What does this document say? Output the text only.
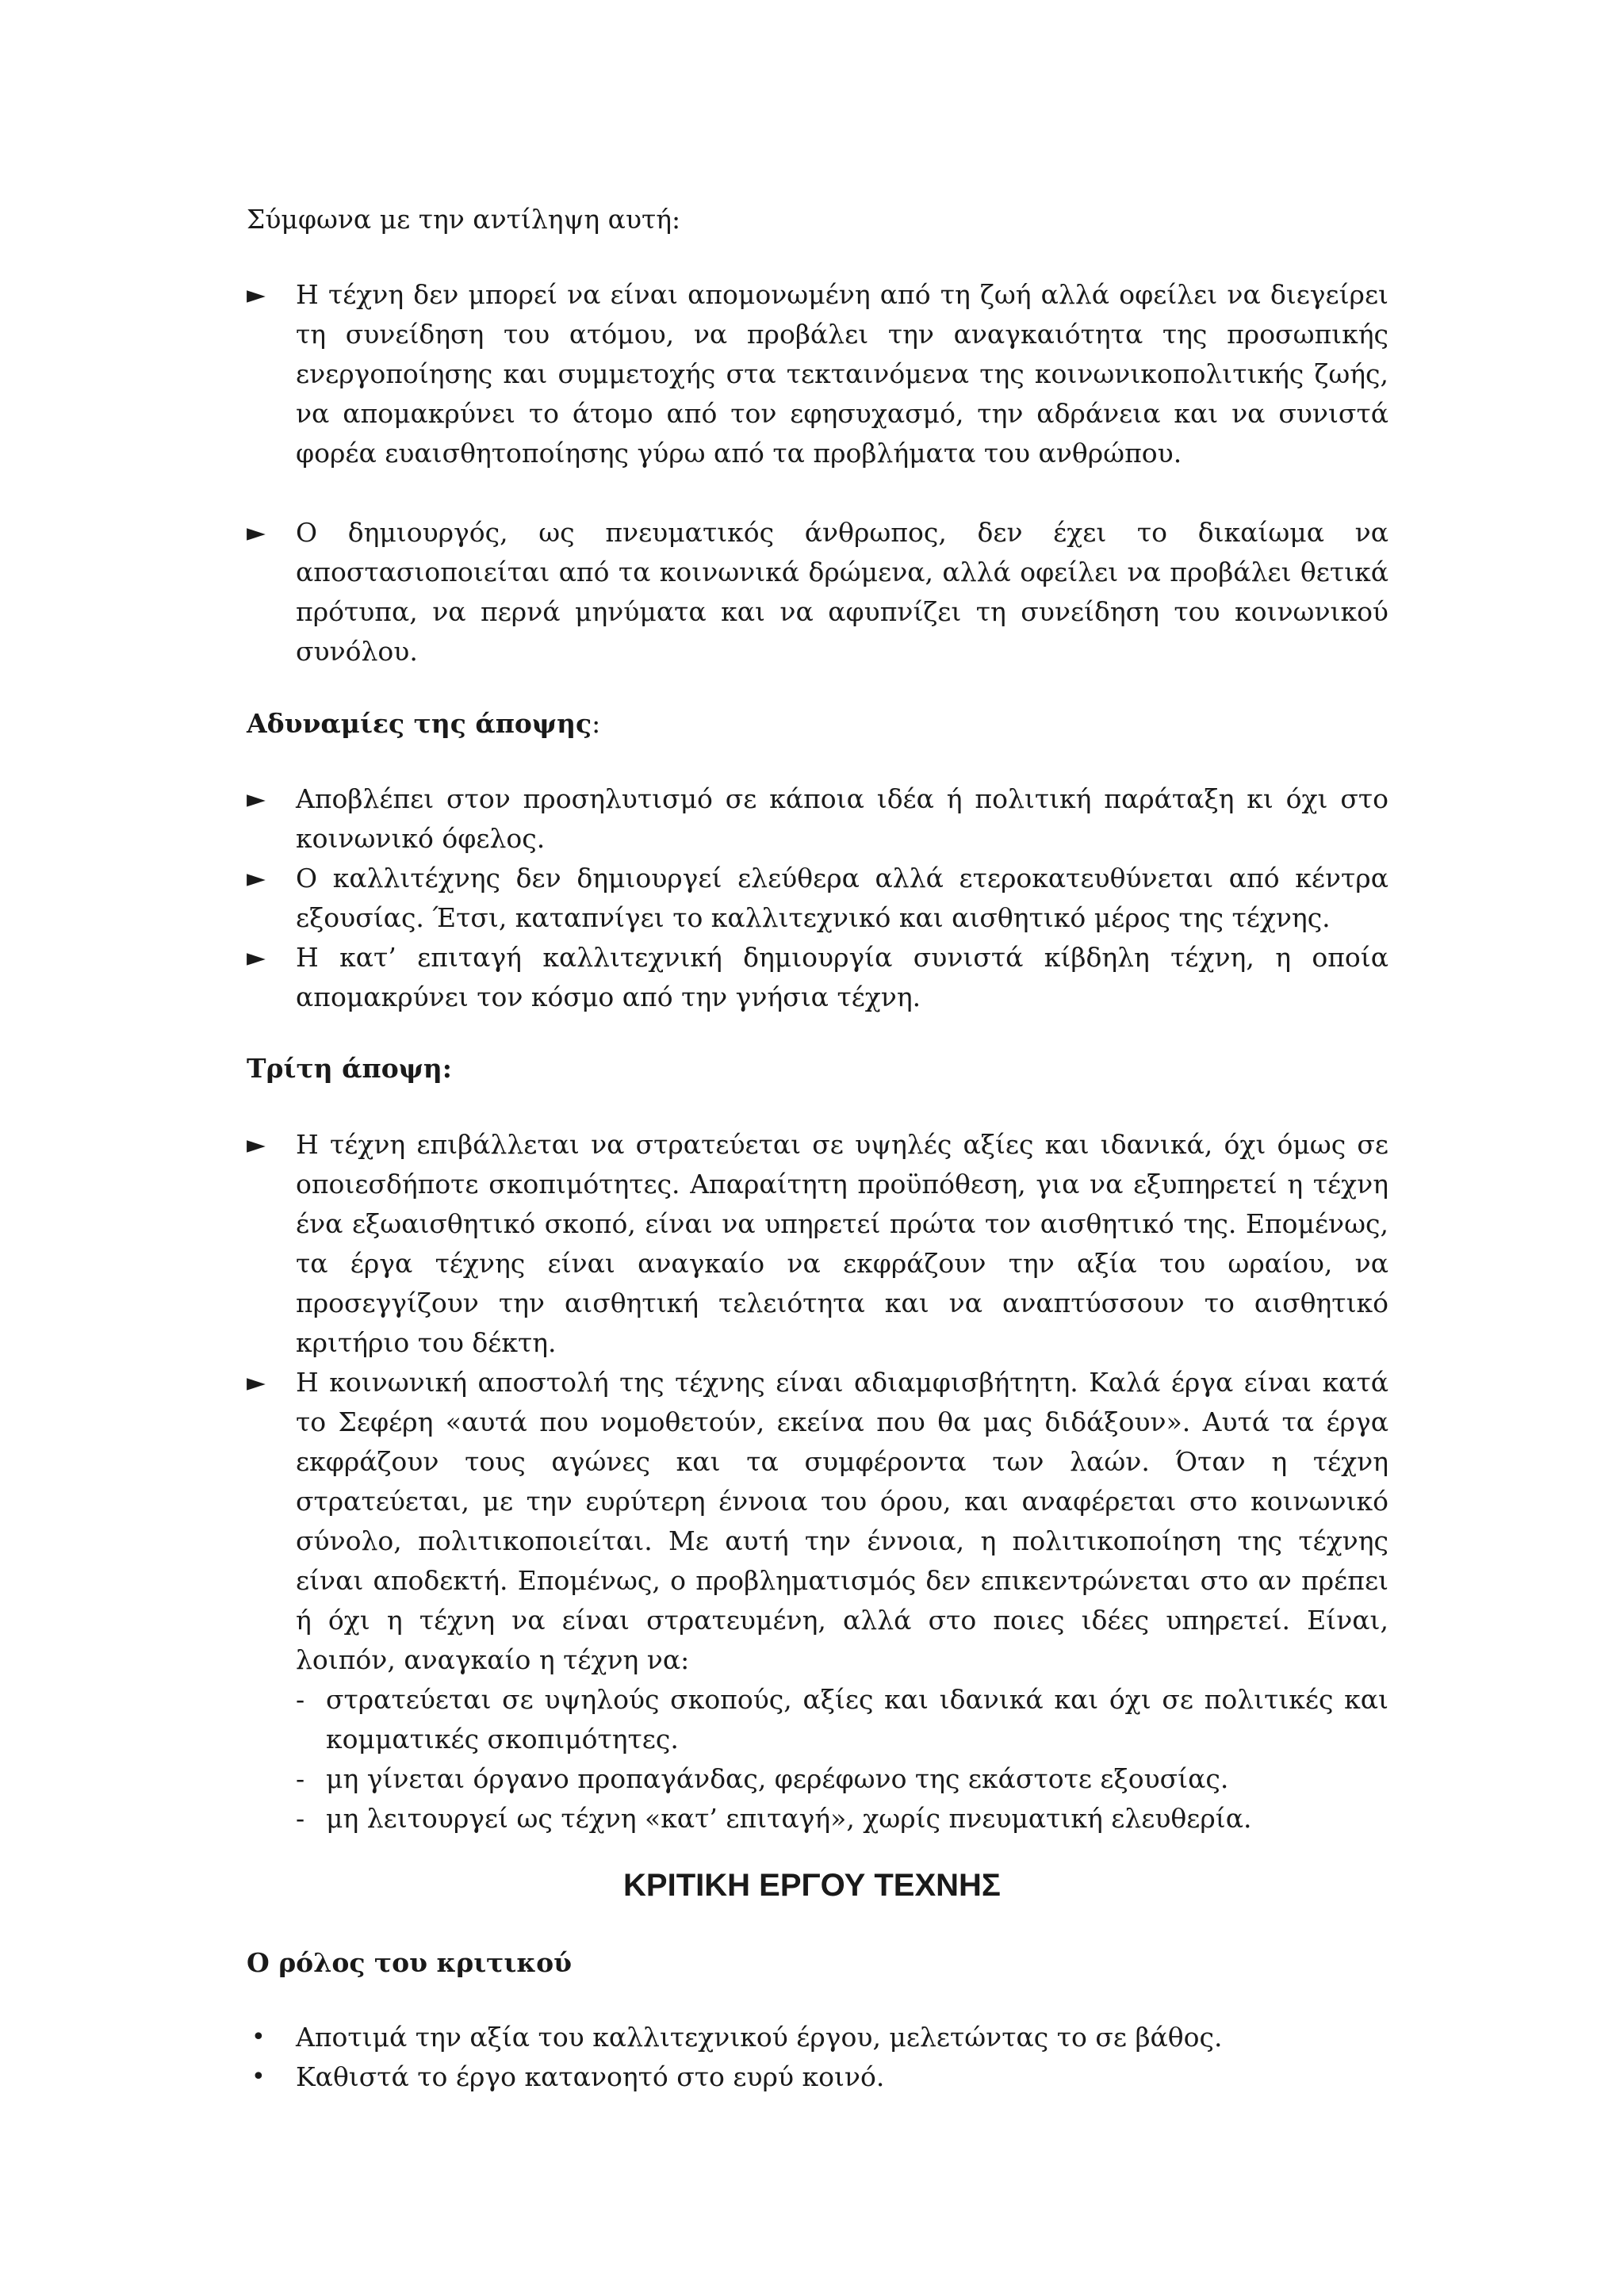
Σύμφωνα με την αντίληψη αυτή:

► Η τέχνη δεν μπορεί να είναι απομονωμένη από τη ζωή αλλά οφείλει να διεγείρει τη συνείδηση του ατόμου, να προβάλει την αναγκαιότητα της προσωπικής ενεργοποίησης και συμμετοχής στα τεκταινόμενα της κοινωνικοπολιτικής ζωής, να απομακρύνει το άτομο από τον εφησυχασμό, την αδράνεια και να συνιστά φορέα ευαισθητοποίησης γύρω από τα προβλήματα του ανθρώπου.
► Ο δημιουργός, ως πνευματικός άνθρωπος, δεν έχει το δικαίωμα να αποστασιοποιείται από τα κοινωνικά δρώμενα, αλλά οφείλει να προβάλει θετικά πρότυπα, να περνά μηνύματα και να αφυπνίζει τη συνείδηση του κοινωνικού συνόλου.

Αδυναμίες της άποψης:

► Αποβλέπει στον προσηλυτισμό σε κάποια ιδέα ή πολιτική παράταξη κι όχι στο κοινωνικό όφελος.
► Ο καλλιτέχνης δεν δημιουργεί ελεύθερα αλλά ετεροκατευθύνεται από κέντρα εξουσίας. Έτσι, καταπνίγει το καλλιτεχνικό και αισθητικό μέρος της τέχνης.
► Η κατ’ επιταγή καλλιτεχνική δημιουργία συνιστά κίβδηλη τέχνη, η οποία απομακρύνει τον κόσμο από την γνήσια τέχνη.

Τρίτη άποψη:

► Η τέχνη επιβάλλεται να στρατεύεται σε υψηλές αξίες και ιδανικά, όχι όμως σε οποιεσδήποτε σκοπιμότητες. Απαραίτητη προϋπόθεση, για να εξυπηρετεί η τέχνη ένα εξωαισθητικό σκοπό, είναι να υπηρετεί πρώτα τον αισθητικό της. Επομένως, τα έργα τέχνης είναι αναγκαίο να εκφράζουν την αξία του ωραίου, να προσεγγίζουν την αισθητική τελειότητα και να αναπτύσσουν το αισθητικό κριτήριο του δέκτη.
► Η κοινωνική αποστολή της τέχνης είναι αδιαμφισβήτητη. Καλά έργα είναι κατά το Σεφέρη «αυτά που νομοθετούν, εκείνα που θα μας διδάξουν». Αυτά τα έργα εκφράζουν τους αγώνες και τα συμφέροντα των λαών. Όταν η τέχνη στρατεύεται, με την ευρύτερη έννοια του όρου, και αναφέρεται στο κοινωνικό σύνολο, πολιτικοποιείται. Με αυτή την έννοια, η πολιτικοποίηση της τέχνης είναι αποδεκτή. Επομένως, ο προβληματισμός δεν επικεντρώνεται στο αν πρέπει ή όχι η τέχνη να είναι στρατευμένη, αλλά στο ποιες ιδέες υπηρετεί. Είναι, λοιπόν, αναγκαίο η τέχνη να:
- στρατεύεται σε υψηλούς σκοπούς, αξίες και ιδανικά και όχι σε πολιτικές και κομματικές σκοπιμότητες.
- μη γίνεται όργανο προπαγάνδας, φερέφωνο της εκάστοτε εξουσίας.
- μη λειτουργεί ως τέχνη «κατ’ επιταγή», χωρίς πνευματική ελευθερία.
ΚΡΙΤΙΚΗ ΕΡΓΟΥ ΤΕΧΝΗΣ

Ο ρόλος του κριτικού

• Αποτιμά την αξία του καλλιτεχνικού έργου, μελετώντας το σε βάθος.
• Καθιστά το έργο κατανοητό στο ευρύ κοινό.
